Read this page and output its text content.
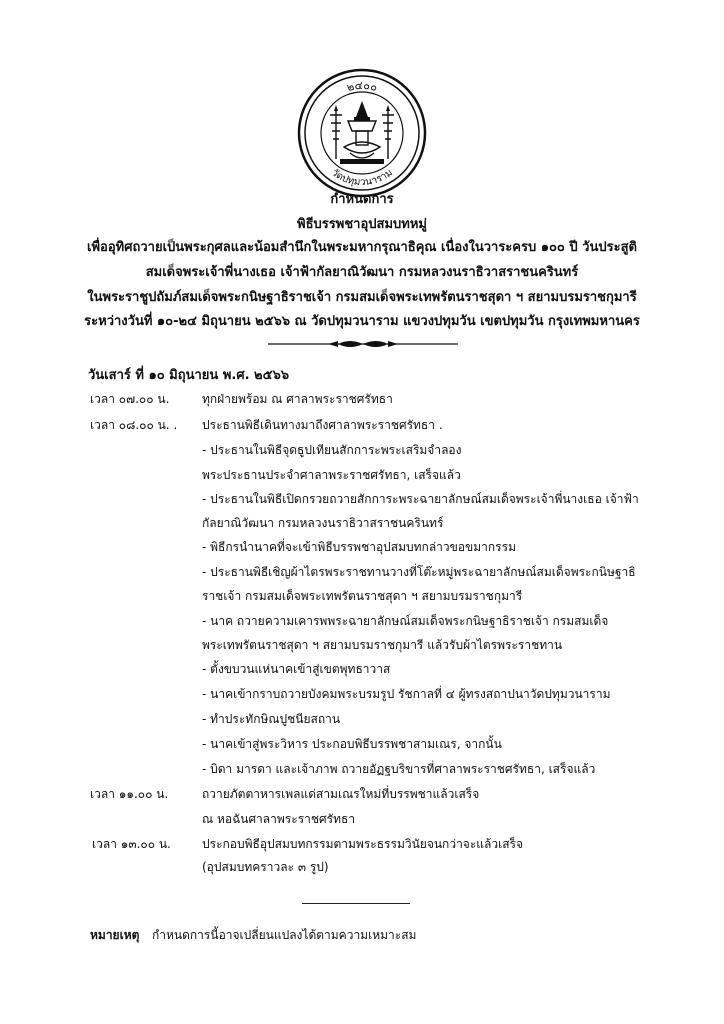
๒๔๐๐
วัดปทุมวนาราม
กำหนดการ
พิธีบรรพชาอุปสมบทหมู่
เพื่ออุทิศถวายเป็นพระกุศลและน้อมสำนึกในพระมหากรุณาธิคุณ เนื่องในวาระครบ ๑๐๐ ปี วันประสูติ
สมเด็จพระเจ้าพี่นางเธอ เจ้าฟ้ากัลยาณิวัฒนา กรมหลวงนราธิวาสราชนครินทร์
ในพระราชูปถัมภ์สมเด็จพระกนิษฐาธิราชเจ้า กรมสมเด็จพระเทพรัตนราชสุดา ฯ สยามบรมราชกุมารี
ระหว่างวันที่ ๑๐-๒๔ มิถุนายน ๒๕๖๖ ณ วัดปทุมวนาราม แขวงปทุมวัน เขตปทุมวัน กรุงเทพมหานคร
วันเสาร์ ที่ ๑๐ มิถุนายน พ.ศ. ๒๕๖๖
เวลา ๐๗.๐๐ น.	ทุกฝ่ายพร้อม ณ ศาลาพระราชศรัทธา
เวลา ๐๘.๐๐ น. . ประธานพิธีเดินทางมาถึงศาลาพระราชศรัทธา .
- ประธานในพิธีจุดธูปเทียนสักการะพระเสริมจำลอง
พระประธานประจำศาลาพระราชศรัทธา, เสร็จแล้ว
- ประธานในพิธีเปิดกรวยถวายสักการะพระฉายาลักษณ์สมเด็จพระเจ้าพี่นางเธอ เจ้าฟ้า
กัลยาณิวัฒนา กรมหลวงนราธิวาสราชนครินทร์
- พิธีกรนำนาคที่จะเข้าพิธีบรรพชาอุปสมบทกล่าวขอขมากรรม
- ประธานพิธีเชิญผ้าไตรพระราชทานวางที่โต๊ะหมู่พระฉายาลักษณ์สมเด็จพระกนิษฐาธิ
ราชเจ้า กรมสมเด็จพระเทพรัตนราชสุดา ฯ สยามบรมราชกุมารี
- นาค ถวายความเคารพพระฉายาลักษณ์สมเด็จพระกนิษฐาธิราชเจ้า กรมสมเด็จ
พระเทพรัตนราชสุดา ฯ สยามบรมราชกุมารี แล้วรับผ้าไตรพระราชทาน
- ตั้งขบวนแห่นาคเข้าสู่เขตพุทธาวาส
- นาคเข้ากราบถวายบังคมพระบรมรูป รัชกาลที่ ๔ ผู้ทรงสถาปนาวัดปทุมวนาราม
- ทำประทักษิณปูชนียสถาน
- นาคเข้าสู่พระวิหาร ประกอบพิธีบรรพชาสามเณร, จากนั้น
- บิดา มารดา และเจ้าภาพ ถวายอัฏฐบริขารที่ศาลาพระราชศรัทธา, เสร็จแล้ว
เวลา ๑๑.๐๐ น.	ถวายภัตตาหารเพลแด่สามเณรใหม่ที่บรรพชาแล้วเสร็จ
ณ หอฉันศาลาพระราชศรัทธา
เวลา ๑๓.๐๐ น.	ประกอบพิธีอุปสมบทกรรมตามพระธรรมวินัยจนกว่าจะแล้วเสร็จ
(อุปสมบทคราวละ ๓ รูป)
หมายเหตุ กำหนดการนี้อาจเปลี่ยนแปลงได้ตามความเหมาะสม
